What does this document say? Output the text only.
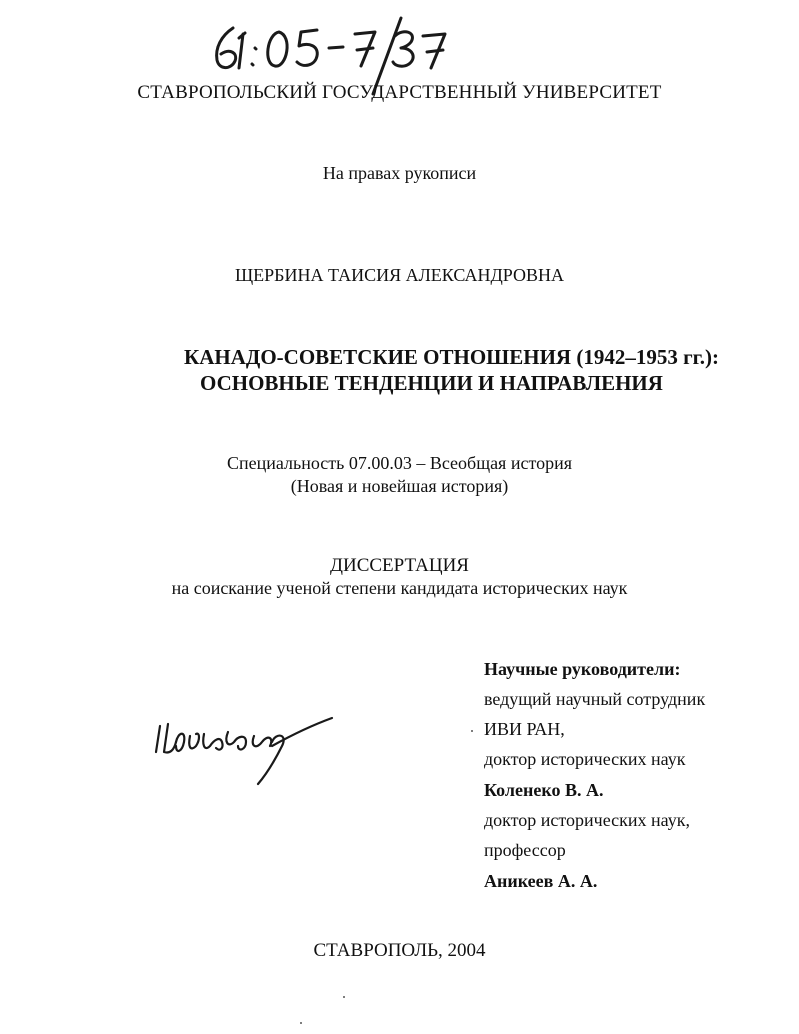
СТАВРОПОЛЬСКИЙ ГОСУДАРСТВЕННЫЙ УНИВЕРСИТЕТ
На правах рукописи
ЩЕРБИНА ТАИСИЯ АЛЕКСАНДРОВНА
КАНАДО-СОВЕТСКИЕ ОТНОШЕНИЯ (1942–1953 гг.):
ОСНОВНЫЕ ТЕНДЕНЦИИ И НАПРАВЛЕНИЯ
Специальность 07.00.03 – Всеобщая история
(Новая и новейшая история)
ДИССЕРТАЦИЯ
на соискание ученой степени кандидата исторических наук
Научные руководители:
ведущий научный сотрудник
ИВИ РАН,
доктор исторических наук
Коленеко В. А.
доктор исторических наук,
профессор
Аникеев А. А.
СТАВРОПОЛЬ, 2004
